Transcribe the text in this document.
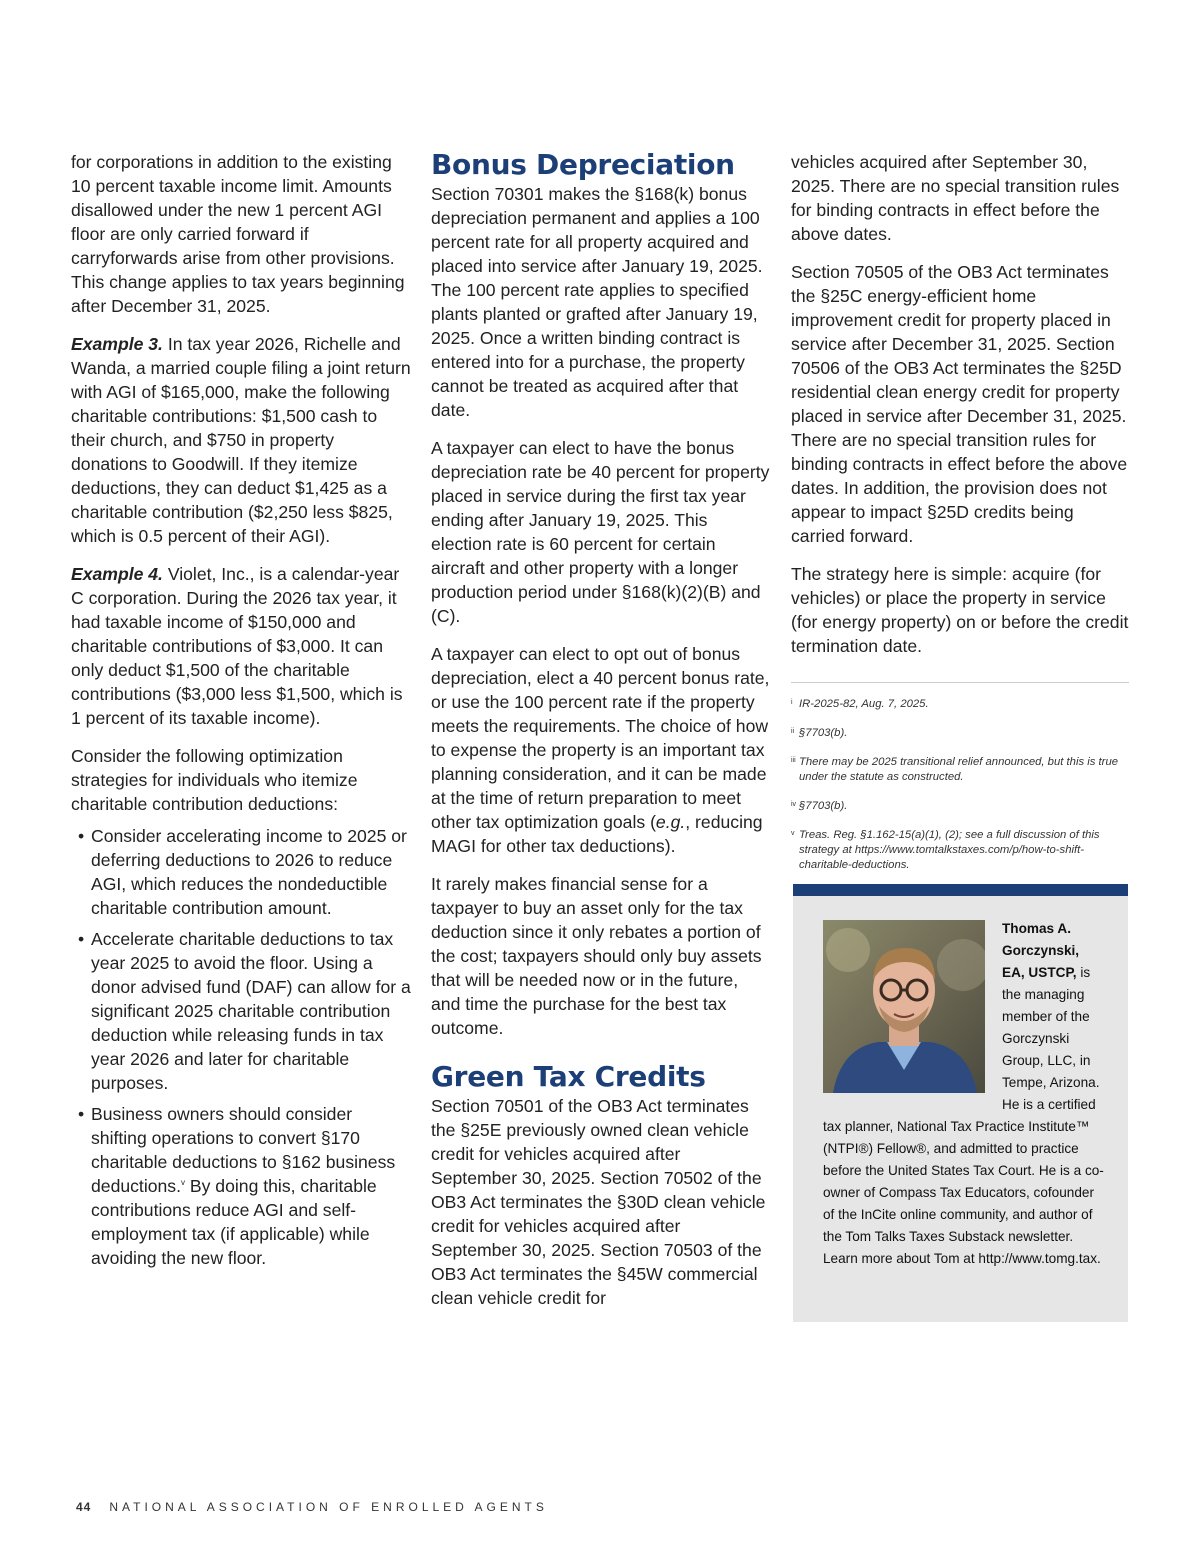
for corporations in addition to the existing 10 percent taxable income limit. Amounts disallowed under the new 1 percent AGI floor are only carried forward if carryforwards arise from other provisions. This change applies to tax years beginning after December 31, 2025.

Example 3. In tax year 2026, Richelle and Wanda, a married couple filing a joint return with AGI of $165,000, make the following charitable contributions: $1,500 cash to their church, and $750 in property donations to Goodwill. If they itemize deductions, they can deduct $1,425 as a charitable contribution ($2,250 less $825, which is 0.5 percent of their AGI).

Example 4. Violet, Inc., is a calendar-year C corporation. During the 2026 tax year, it had taxable income of $150,000 and charitable contributions of $3,000. It can only deduct $1,500 of the charitable contributions ($3,000 less $1,500, which is 1 percent of its taxable income).

Consider the following optimization strategies for individuals who itemize charitable contribution deductions:

• Consider accelerating income to 2025 or deferring deductions to 2026 to reduce AGI, which reduces the nondeductible charitable contribution amount.
• Accelerate charitable deductions to tax year 2025 to avoid the floor. Using a donor advised fund (DAF) can allow for a significant 2025 charitable contribution deduction while releasing funds in tax year 2026 and later for charitable purposes.
• Business owners should consider shifting operations to convert §170 charitable deductions to §162 business deductions.$^v$ By doing this, charitable contributions reduce AGI and self-employment tax (if applicable) while avoiding the new floor.
Bonus Depreciation

Section 70301 makes the §168(k) bonus depreciation permanent and applies a 100 percent rate for all property acquired and placed into service after January 19, 2025. The 100 percent rate applies to specified plants planted or grafted after January 19, 2025. Once a written binding contract is entered into for a purchase, the property cannot be treated as acquired after that date.

A taxpayer can elect to have the bonus depreciation rate be 40 percent for property placed in service during the first tax year ending after January 19, 2025. This election rate is 60 percent for certain aircraft and other property with a longer production period under §168(k)(2)(B) and (C).

A taxpayer can elect to opt out of bonus depreciation, elect a 40 percent bonus rate, or use the 100 percent rate if the property meets the requirements. The choice of how to expense the property is an important tax planning consideration, and it can be made at the time of return preparation to meet other tax optimization goals (e.g., reducing MAGI for other tax deductions).

It rarely makes financial sense for a taxpayer to buy an asset only for the tax deduction since it only rebates a portion of the cost; taxpayers should only buy assets that will be needed now or in the future, and time the purchase for the best tax outcome.

Green Tax Credits

Section 70501 of the OB3 Act terminates the §25E previously owned clean vehicle credit for vehicles acquired after September 30, 2025. Section 70502 of the OB3 Act terminates the §30D clean vehicle credit for vehicles acquired after September 30, 2025. Section 70503 of the OB3 Act terminates the §45W commercial clean vehicle credit for

vehicles acquired after September 30, 2025. There are no special transition rules for binding contracts in effect before the above dates.

Section 70505 of the OB3 Act terminates the §25C energy-efficient home improvement credit for property placed in service after December 31, 2025. Section 70506 of the OB3 Act terminates the §25D residential clean energy credit for property placed in service after December 31, 2025. There are no special transition rules for binding contracts in effect before the above dates. In addition, the provision does not appear to impact §25D credits being carried forward.

The strategy here is simple: acquire (for vehicles) or place the property in service (for energy property) on or before the credit termination date.

i IR-2025-82, Aug. 7, 2025.

ii §7703(b).

iii There may be 2025 transitional relief announced, but this is true under the statute as constructed.

iv §7703(b).

v Treas. Reg. §1.162-15(a)(1), (2); see a full discussion of this strategy at https://www.tomtalkstaxes.com/p/how-to-shift-charitable-deductions.

Thomas A. Gorczynski, EA, USTCP, is the managing member of the Gorczynski Group, LLC, in Tempe, Arizona. He is a certified tax planner, National Tax Practice Institute™ (NTPI®) Fellow®, and admitted to practice before the United States Tax Court. He is a co-owner of Compass Tax Educators, cofounder of the InCite online community, and author of the Tom Talks Taxes Substack newsletter. Learn more about Tom at http://www.tomg.tax.
44 NATIONAL ASSOCIATION OF ENROLLED AGENTS
